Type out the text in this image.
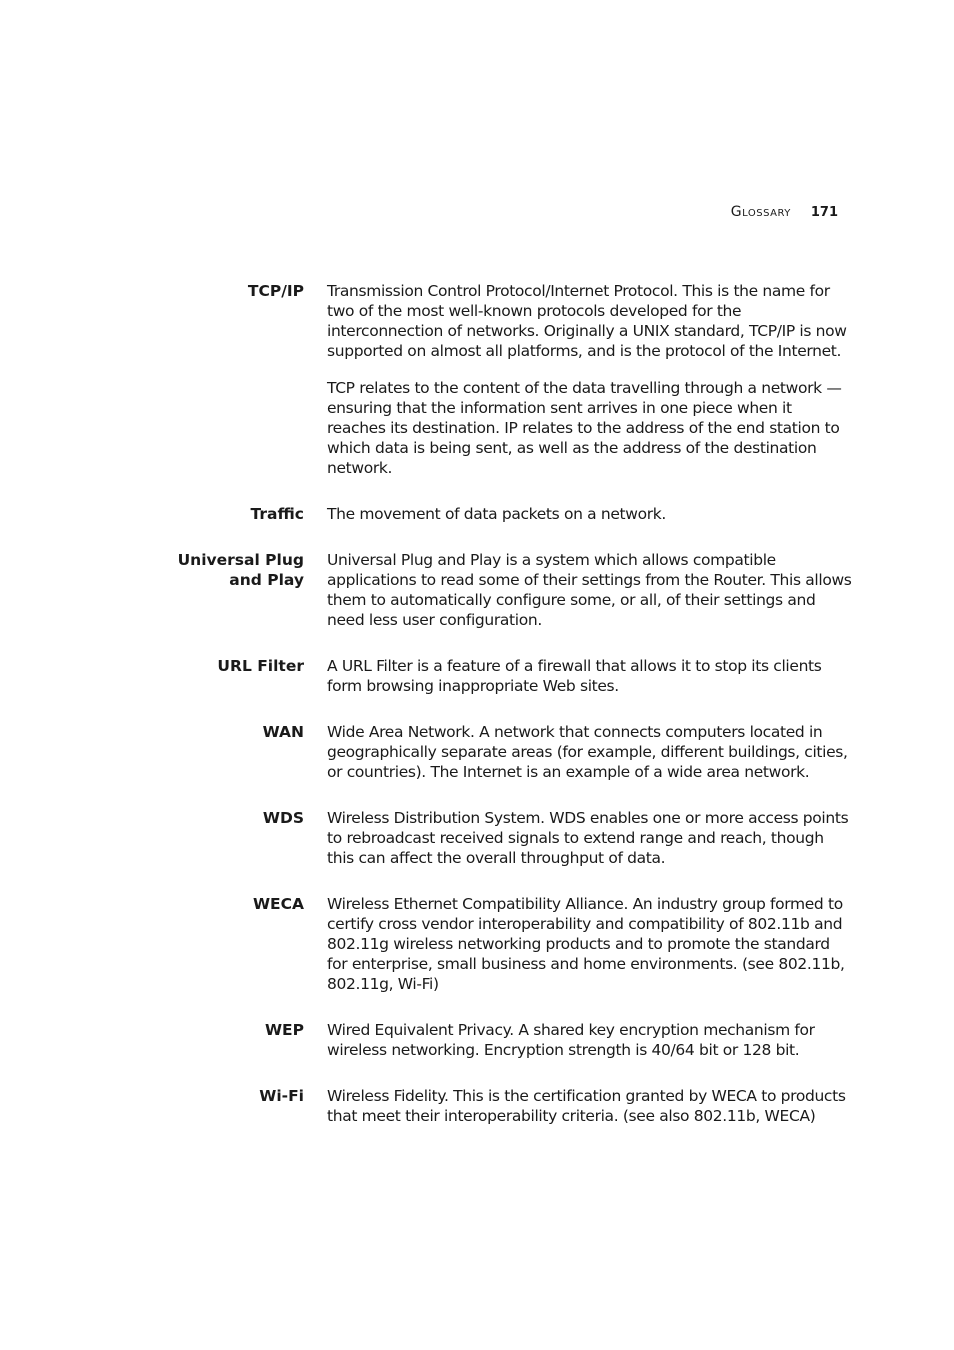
Glossary 171
TCP/IP Transmission Control Protocol/Internet Protocol. This is the name for two of the most well-known protocols developed for the interconnection of networks. Originally a UNIX standard, TCP/IP is now supported on almost all platforms, and is the protocol of the Internet.

TCP relates to the content of the data travelling through a network — ensuring that the information sent arrives in one piece when it reaches its destination. IP relates to the address of the end station to which data is being sent, as well as the address of the destination network.

Traffic The movement of data packets on a network.

Universal Plug and Play

Universal Plug and Play is a system which allows compatible applications to read some of their settings from the Router. This allows them to automatically configure some, or all, of their settings and need less user configuration.

URL Filter A URL Filter is a feature of a firewall that allows it to stop its clients form browsing inappropriate Web sites.

WAN Wide Area Network. A network that connects computers located in geographically separate areas (for example, different buildings, cities, or countries). The Internet is an example of a wide area network.

WDS Wireless Distribution System. WDS enables one or more access points to rebroadcast received signals to extend range and reach, though this can affect the overall throughput of data.

WECA Wireless Ethernet Compatibility Alliance. An industry group formed to certify cross vendor interoperability and compatibility of 802.11b and 802.11g wireless networking products and to promote the standard for enterprise, small business and home environments. (see 802.11b, 802.11g, Wi-Fi)

WEP Wired Equivalent Privacy. A shared key encryption mechanism for wireless networking. Encryption strength is 40/64 bit or 128 bit.

Wi-Fi Wireless Fidelity. This is the certification granted by WECA to products that meet their interoperability criteria. (see also 802.11b, WECA)
